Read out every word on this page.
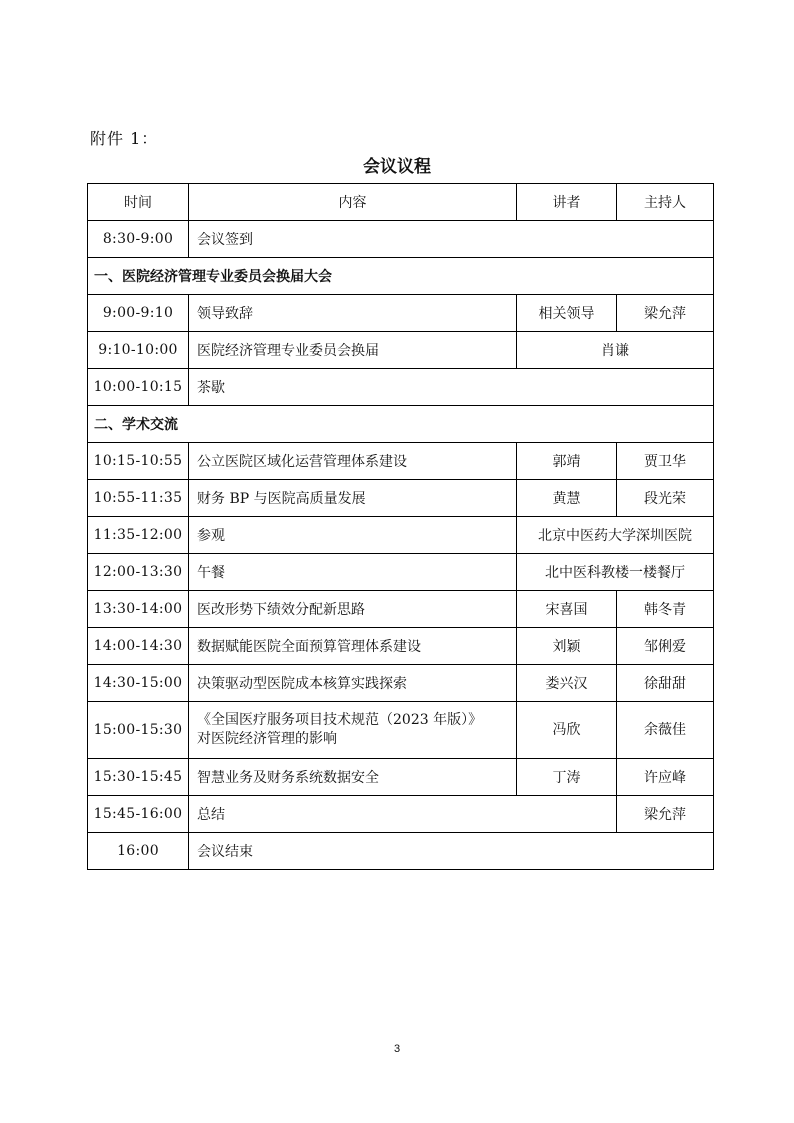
附件 1：
会议议程
时间	内容	讲者	主持人
8:30-9:00	会议签到		
一、医院经济管理专业委员会换届大会			
9:00-9:10	领导致辞	相关领导	梁允萍
9:10-10:00	医院经济管理专业委员会换届	肖谦	
10:00-10:15	茶歇		
二、学术交流			
10:15-10:55	公立医院区域化运营管理体系建设	郭靖	贾卫华
10:55-11:35	财务 BP 与医院高质量发展	黄慧	段光荣
11:35-12:00	参观	北京中医药大学深圳医院	
12:00-13:30	午餐	北中医科教楼一楼餐厅	
13:30-14:00	医改形势下绩效分配新思路	宋喜国	韩冬青
14:00-14:30	数据赋能医院全面预算管理体系建设	刘颖	邹俐爱
14:30-15:00	决策驱动型医院成本核算实践探索	娄兴汉	徐甜甜
15:00-15:30	《全国医疗服务项目技术规范（2023 年版）》
对医院经济管理的影响	冯欣	余薇佳
15:30-15:45	智慧业务及财务系统数据安全	丁涛	许应峰
15:45-16:00	总结		梁允萍
16:00	会议结束		
3
